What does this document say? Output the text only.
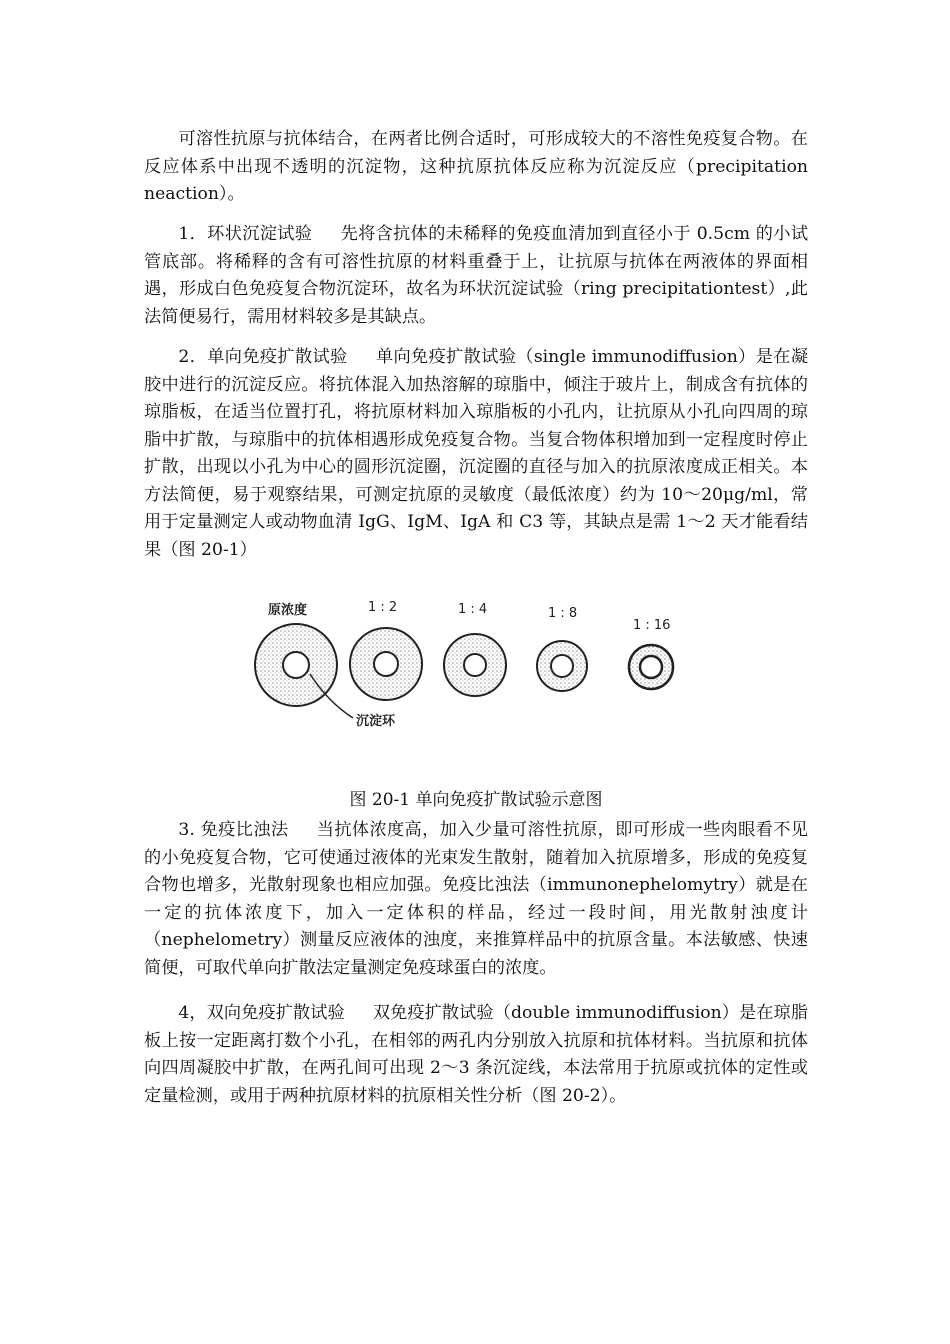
可溶性抗原与抗体结合，在两者比例合适时，可形成较大的不溶性免疫复合物。在反应体系中出现不透明的沉淀物，这种抗原抗体反应称为沉淀反应（precipitation neaction）。

1．环状沉淀试验 先将含抗体的未稀释的免疫血清加到直径小于 0.5cm 的小试管底部。将稀释的含有可溶性抗原的材料重叠于上，让抗原与抗体在两液体的界面相遇，形成白色免疫复合物沉淀环，故名为环状沉淀试验（ring precipitationtest）,此法简便易行，需用材料较多是其缺点。

2．单向免疫扩散试验 单向免疫扩散试验（single immunodiffusion）是在凝胶中进行的沉淀反应。将抗体混入加热溶解的琼脂中，倾注于玻片上，制成含有抗体的琼脂板，在适当位置打孔，将抗原材料加入琼脂板的小孔内，让抗原从小孔向四周的琼脂中扩散，与琼脂中的抗体相遇形成免疫复合物。当复合物体积增加到一定程度时停止扩散，出现以小孔为中心的圆形沉淀圈，沉淀圈的直径与加入的抗原浓度成正相关。本方法简便，易于观察结果，可测定抗原的灵敏度（最低浓度）约为 10～20μg/ml，常用于定量测定人或动物血清 IgG、IgM、IgA 和 C3 等，其缺点是需 1～2 天才能看结果（图 20-1）

原浓度	1 : 2	1 : 4	1 : 8
1 : 16
沉淀环
图 20-1 单向免疫扩散试验示意图

3. 免疫比浊法 当抗体浓度高，加入少量可溶性抗原，即可形成一些肉眼看不见的小免疫复合物，它可使通过液体的光束发生散射，随着加入抗原增多，形成的免疫复合物也增多，光散射现象也相应加强。免疫比浊法（immunonephelomytry）就是在一定的抗体浓度下，加入一定体积的样品，经过一段时间，用光散射浊度计（nephelometry）测量反应液体的浊度，来推算样品中的抗原含量。本法敏感、快速简便，可取代单向扩散法定量测定免疫球蛋白的浓度。

4，双向免疫扩散试验 双免疫扩散试验（double immunodiffusion）是在琼脂板上按一定距离打数个小孔，在相邻的两孔内分别放入抗原和抗体材料。当抗原和抗体向四周凝胶中扩散，在两孔间可出现 2～3 条沉淀线，本法常用于抗原或抗体的定性或定量检测，或用于两种抗原材料的抗原相关性分析（图 20-2）。
